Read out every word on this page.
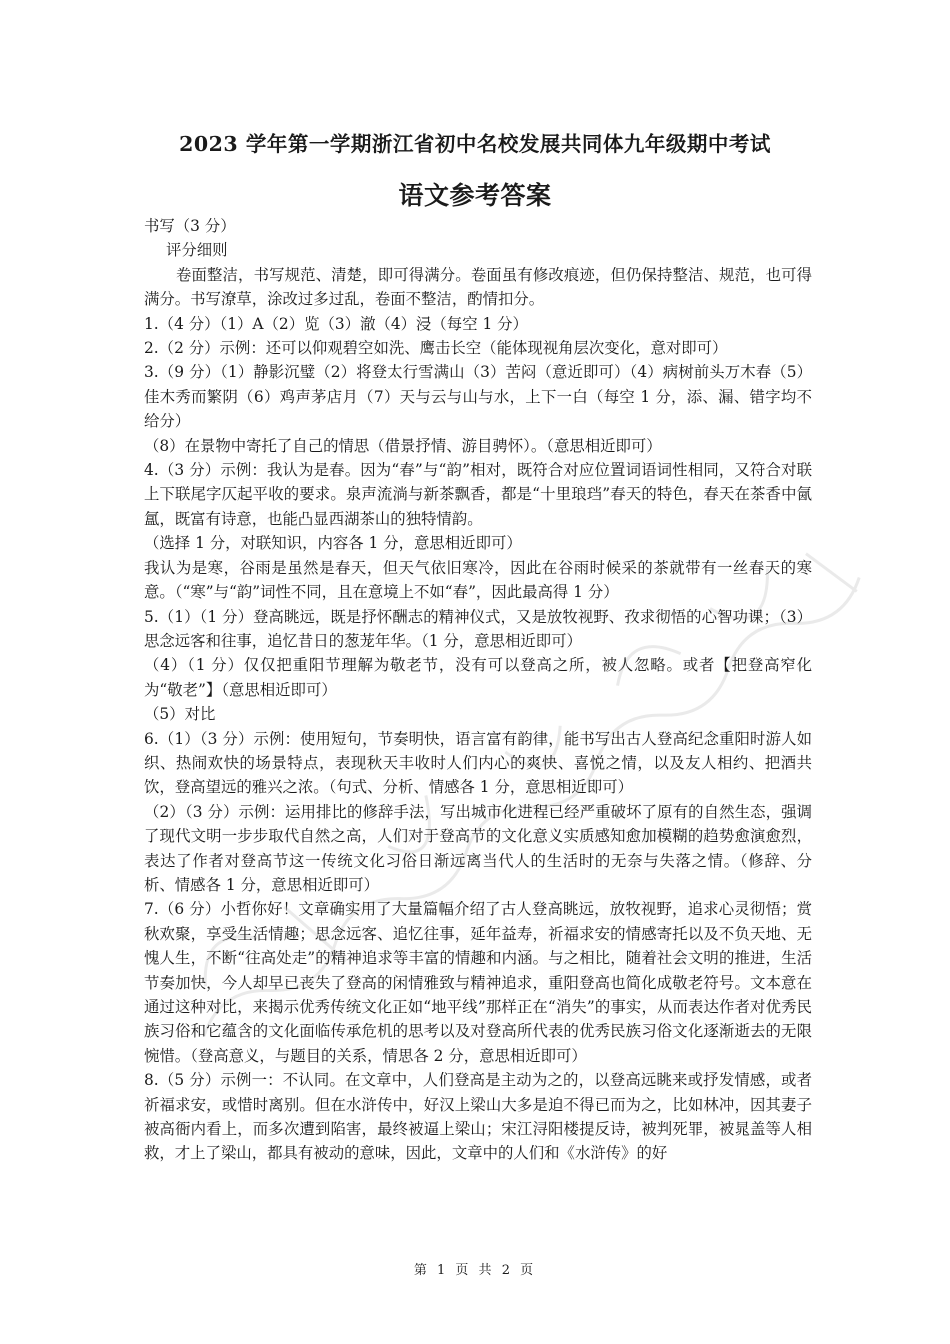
2023 学年第一学期浙江省初中名校发展共同体九年级期中考试
语文参考答案

书写（3 分）

评分细则

卷面整洁，书写规范、清楚，即可得满分。卷面虽有修改痕迹，但仍保持整洁、规范，也可得满分。书写潦草，涂改过多过乱，卷面不整洁，酌情扣分。

1.（4 分）（1）A（2）览（3）澈（4）浸（每空 1 分）

2.（2 分）示例：还可以仰观碧空如洗、鹰击长空（能体现视角层次变化，意对即可）

3.（9 分）（1）静影沉璧（2）将登太行雪满山（3）苦闷（意近即可）（4）病树前头万木春（5）佳木秀而繁阴（6）鸡声茅店月（7）天与云与山与水，上下一白（每空 1 分，添、漏、错字均不给分）

（8）在景物中寄托了自己的情思（借景抒情、游目骋怀）。（意思相近即可）

4.（3 分）示例：我认为是春。因为“春”与“韵”相对，既符合对应位置词语词性相同，又符合对联上下联尾字仄起平收的要求。泉声流淌与新茶飘香，都是“十里琅珰”春天的特色，春天在茶香中氤氲，既富有诗意，也能凸显西湖茶山的独特情韵。

（选择 1 分，对联知识，内容各 1 分，意思相近即可）

我认为是寒，谷雨是虽然是春天，但天气依旧寒冷，因此在谷雨时候采的茶就带有一丝春天的寒意。（“寒”与“韵”词性不同，且在意境上不如“春”，因此最高得 1 分）

5.（1）（1 分）登高眺远，既是抒怀酬志的精神仪式，又是放牧视野、孜求彻悟的心智功课；（3）思念远客和往事，追忆昔日的葱茏年华。（1 分，意思相近即可）

（4）（1 分）仅仅把重阳节理解为敬老节，没有可以登高之所，被人忽略。或者【把登高窄化为“敬老”】（意思相近即可）

（5）对比

6.（1）（3 分）示例：使用短句，节奏明快，语言富有韵律，能书写出古人登高纪念重阳时游人如织、热闹欢快的场景特点，表现秋天丰收时人们内心的爽快、喜悦之情，以及友人相约、把酒共饮，登高望远的雅兴之浓。（句式、分析、情感各 1 分，意思相近即可）

（2）（3 分）示例：运用排比的修辞手法，写出城市化进程已经严重破坏了原有的自然生态，强调了现代文明一步步取代自然之高，人们对于登高节的文化意义实质感知愈加模糊的趋势愈演愈烈，表达了作者对登高节这一传统文化习俗日渐远离当代人的生活时的无奈与失落之情。（修辞、分析、情感各 1 分，意思相近即可）

7.（6 分）小哲你好！文章确实用了大量篇幅介绍了古人登高眺远，放牧视野，追求心灵彻悟；赏秋欢聚，享受生活情趣；思念远客、追忆往事，延年益寿，祈福求安的情感寄托以及不负天地、无愧人生，不断“往高处走”的精神追求等丰富的情趣和内涵。与之相比，随着社会文明的推进，生活节奏加快，今人却早已丧失了登高的闲情雅致与精神追求，重阳登高也简化成敬老符号。文本意在通过这种对比，来揭示优秀传统文化正如“地平线”那样正在“消失”的事实，从而表达作者对优秀民族习俗和它蕴含的文化面临传承危机的思考以及对登高所代表的优秀民族习俗文化逐渐逝去的无限惋惜。（登高意义，与题目的关系，情思各 2 分，意思相近即可）

8.（5 分）示例一：不认同。在文章中，人们登高是主动为之的，以登高远眺来或抒发情感，或者祈福求安，或惜时离别。但在水浒传中，好汉上梁山大多是迫不得已而为之，比如林冲，因其妻子被高衙内看上，而多次遭到陷害，最终被逼上梁山；宋江浔阳楼提反诗，被判死罪，被晁盖等人相救，才上了梁山，都具有被动的意味，因此，文章中的人们和《水浒传》的好

第 1 页 共 2 页
